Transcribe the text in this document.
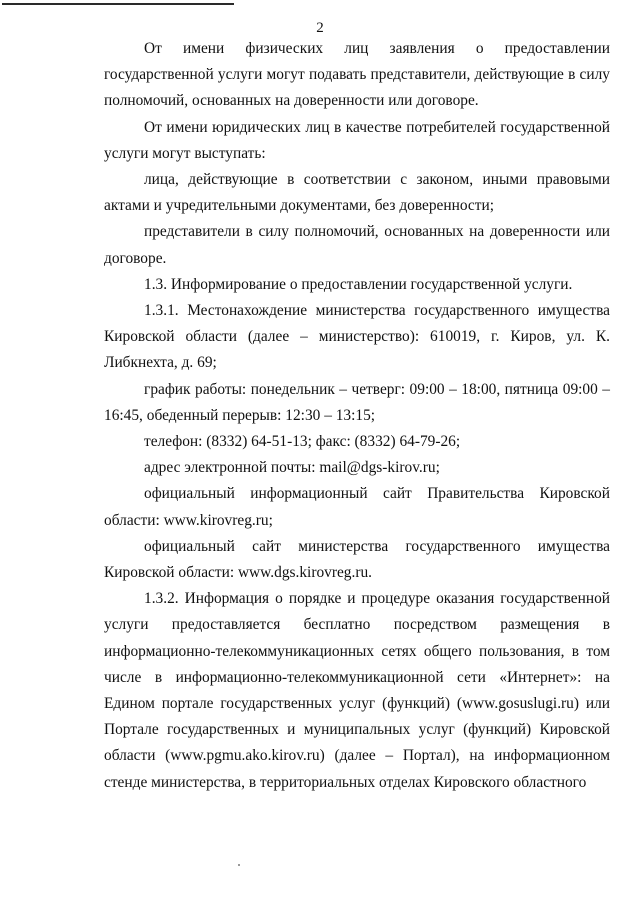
2

От имени физических лиц заявления о предоставлении государственной услуги могут подавать представители, действующие в силу полномочий, основанных на доверенности или договоре.

От имени юридических лиц в качестве потребителей государственной услуги могут выступать:

лица, действующие в соответствии с законом, иными правовыми актами и учредительными документами, без доверенности;

представители в силу полномочий, основанных на доверенности или договоре.

1.3. Информирование о предоставлении государственной услуги.

1.3.1. Местонахождение министерства государственного имущества Кировской области (далее – министерство): 610019, г. Киров, ул. К. Либкнехта, д. 69;

график работы: понедельник – четверг: 09:00 – 18:00, пятница 09:00 – 16:45, обеденный перерыв: 12:30 – 13:15;

телефон: (8332) 64-51-13; факс: (8332) 64-79-26;

адрес электронной почты: mail@dgs-kirov.ru;

официальный информационный сайт Правительства Кировской области: www.kirovreg.ru;

официальный сайт министерства государственного имущества Кировской области: www.dgs.kirovreg.ru.

1.3.2. Информация о порядке и процедуре оказания государственной услуги предоставляется бесплатно посредством размещения в информационно-телекоммуникационных сетях общего пользования, в том числе в информационно-телекоммуникационной сети «Интернет»: на Едином портале государственных услуг (функций) (www.gosuslugi.ru) или Портале государственных и муниципальных услуг (функций) Кировской области (www.pgmu.ako.kirov.ru) (далее – Портал), на информационном стенде министерства, в территориальных отделах Кировского областного
